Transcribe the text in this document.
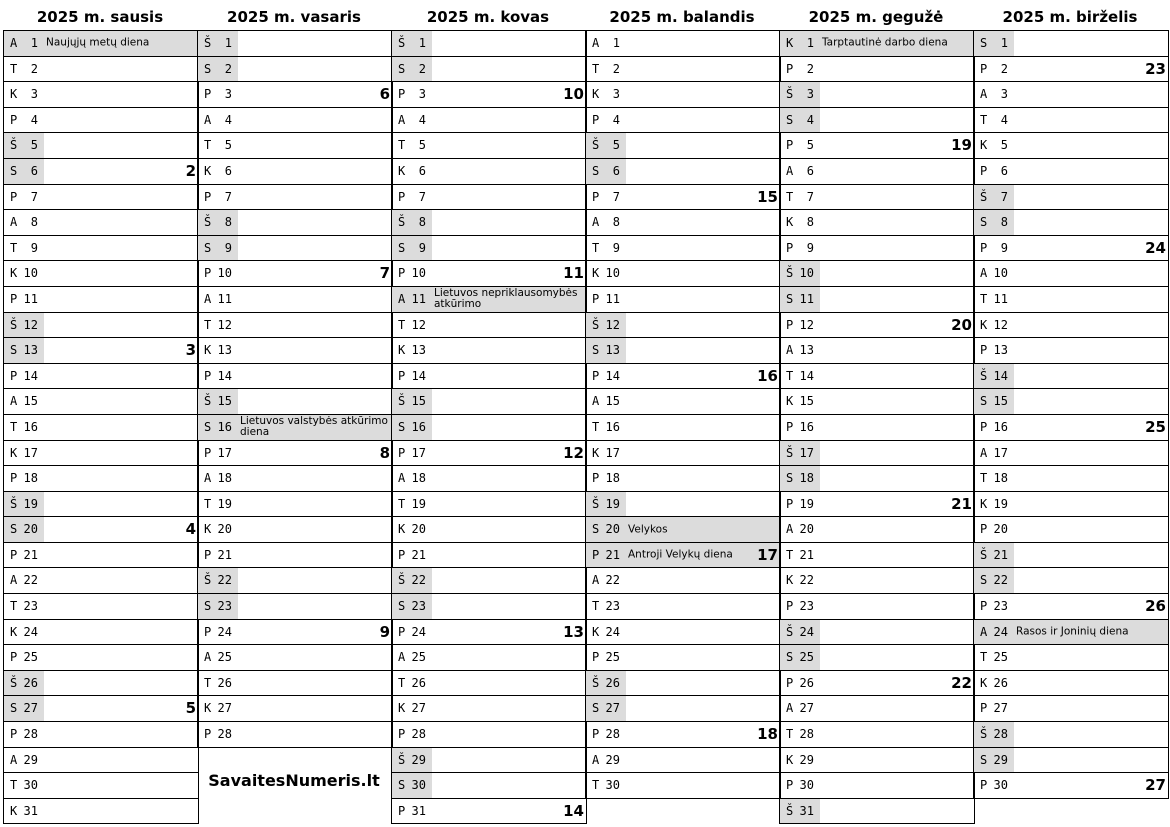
2025 m. sausis
A	1 Naujųjų metų diena
T	2
K	3
P	4
Š	5
S	6	2
P	7
A	8
T	9
K 10
P 11
Š 12
S 13	3
P 14
A 15
T 16
K 17
P 18
Š 19
S 20	4
P 21
A 22
T 23
K 24
P 25
Š 26
S 27	5
P 28
A 29
T 30
K 31
2025 m. vasaris
Š	1
S	2
P	3	6
A	4
T	5
K	6
P	7
Š	8
S	9
P 10	7
A 11
T 12
K 13
P 14
Š 15
S 16 Lietuvos valstybės atkūrimo diena
P 17	8
A 18
T 19
K 20
P 21
Š 22
S 23
P 24	9
A 25
T 26
K 27
P 28
2025 m. kovas
Š	1
S	2
P	3	10
A	4
T	5
K	6
P	7
Š	8
S	9
P 10	11
A 11 Lietuvos nepriklausomybės atkūrimo
T 12
K 13
P 14
Š 15
S 16
P 17	12
A 18
T 19
K 20
P 21
Š 22
S 23
P 24	13
A 25
T 26
K 27
P 28
Š 29
S 30
P 31	14
2025 m. balandis
A	1
T	2
K	3
P	4
Š	5
S	6
P	7	15
A	8
T	9
K 10
P 11
Š 12
S 13
P 14	16
A 15
T 16
K 17
P 18
Š 19
S 20 Velykos
P 21 Antroji Velykų diena	17
A 22
T 23
K 24
P 25
Š 26
S 27
P 28	18
A 29
T 30
2025 m. gegužė
K	1 Tarptautinė darbo diena
P	2
Š	3
S	4
P	5	19
A	6
T	7
K	8
P	9
Š 10
S 11
P 12	20
A 13
T 14
K 15
P 16
Š 17
S 18
P 19	21
A 20
T 21
K 22
P 23
Š 24
S 25
P 26	22
A 27
T 28
K 29
P 30
Š 31
2025 m. birželis
S	1
P	2	23
A	3
T	4
K	5
P	6
Š	7
S	8
P	9	24
A 10
T 11
K 12
P 13
Š 14
S 15
P 16	25
A 17
T 18
K 19
P 20
Š 21
S 22
P 23	26
A 24 Rasos ir Joninių diena
T 25
K 26
P 27
Š 28
S 29
P 30	27
SavaitesNumeris.lt
